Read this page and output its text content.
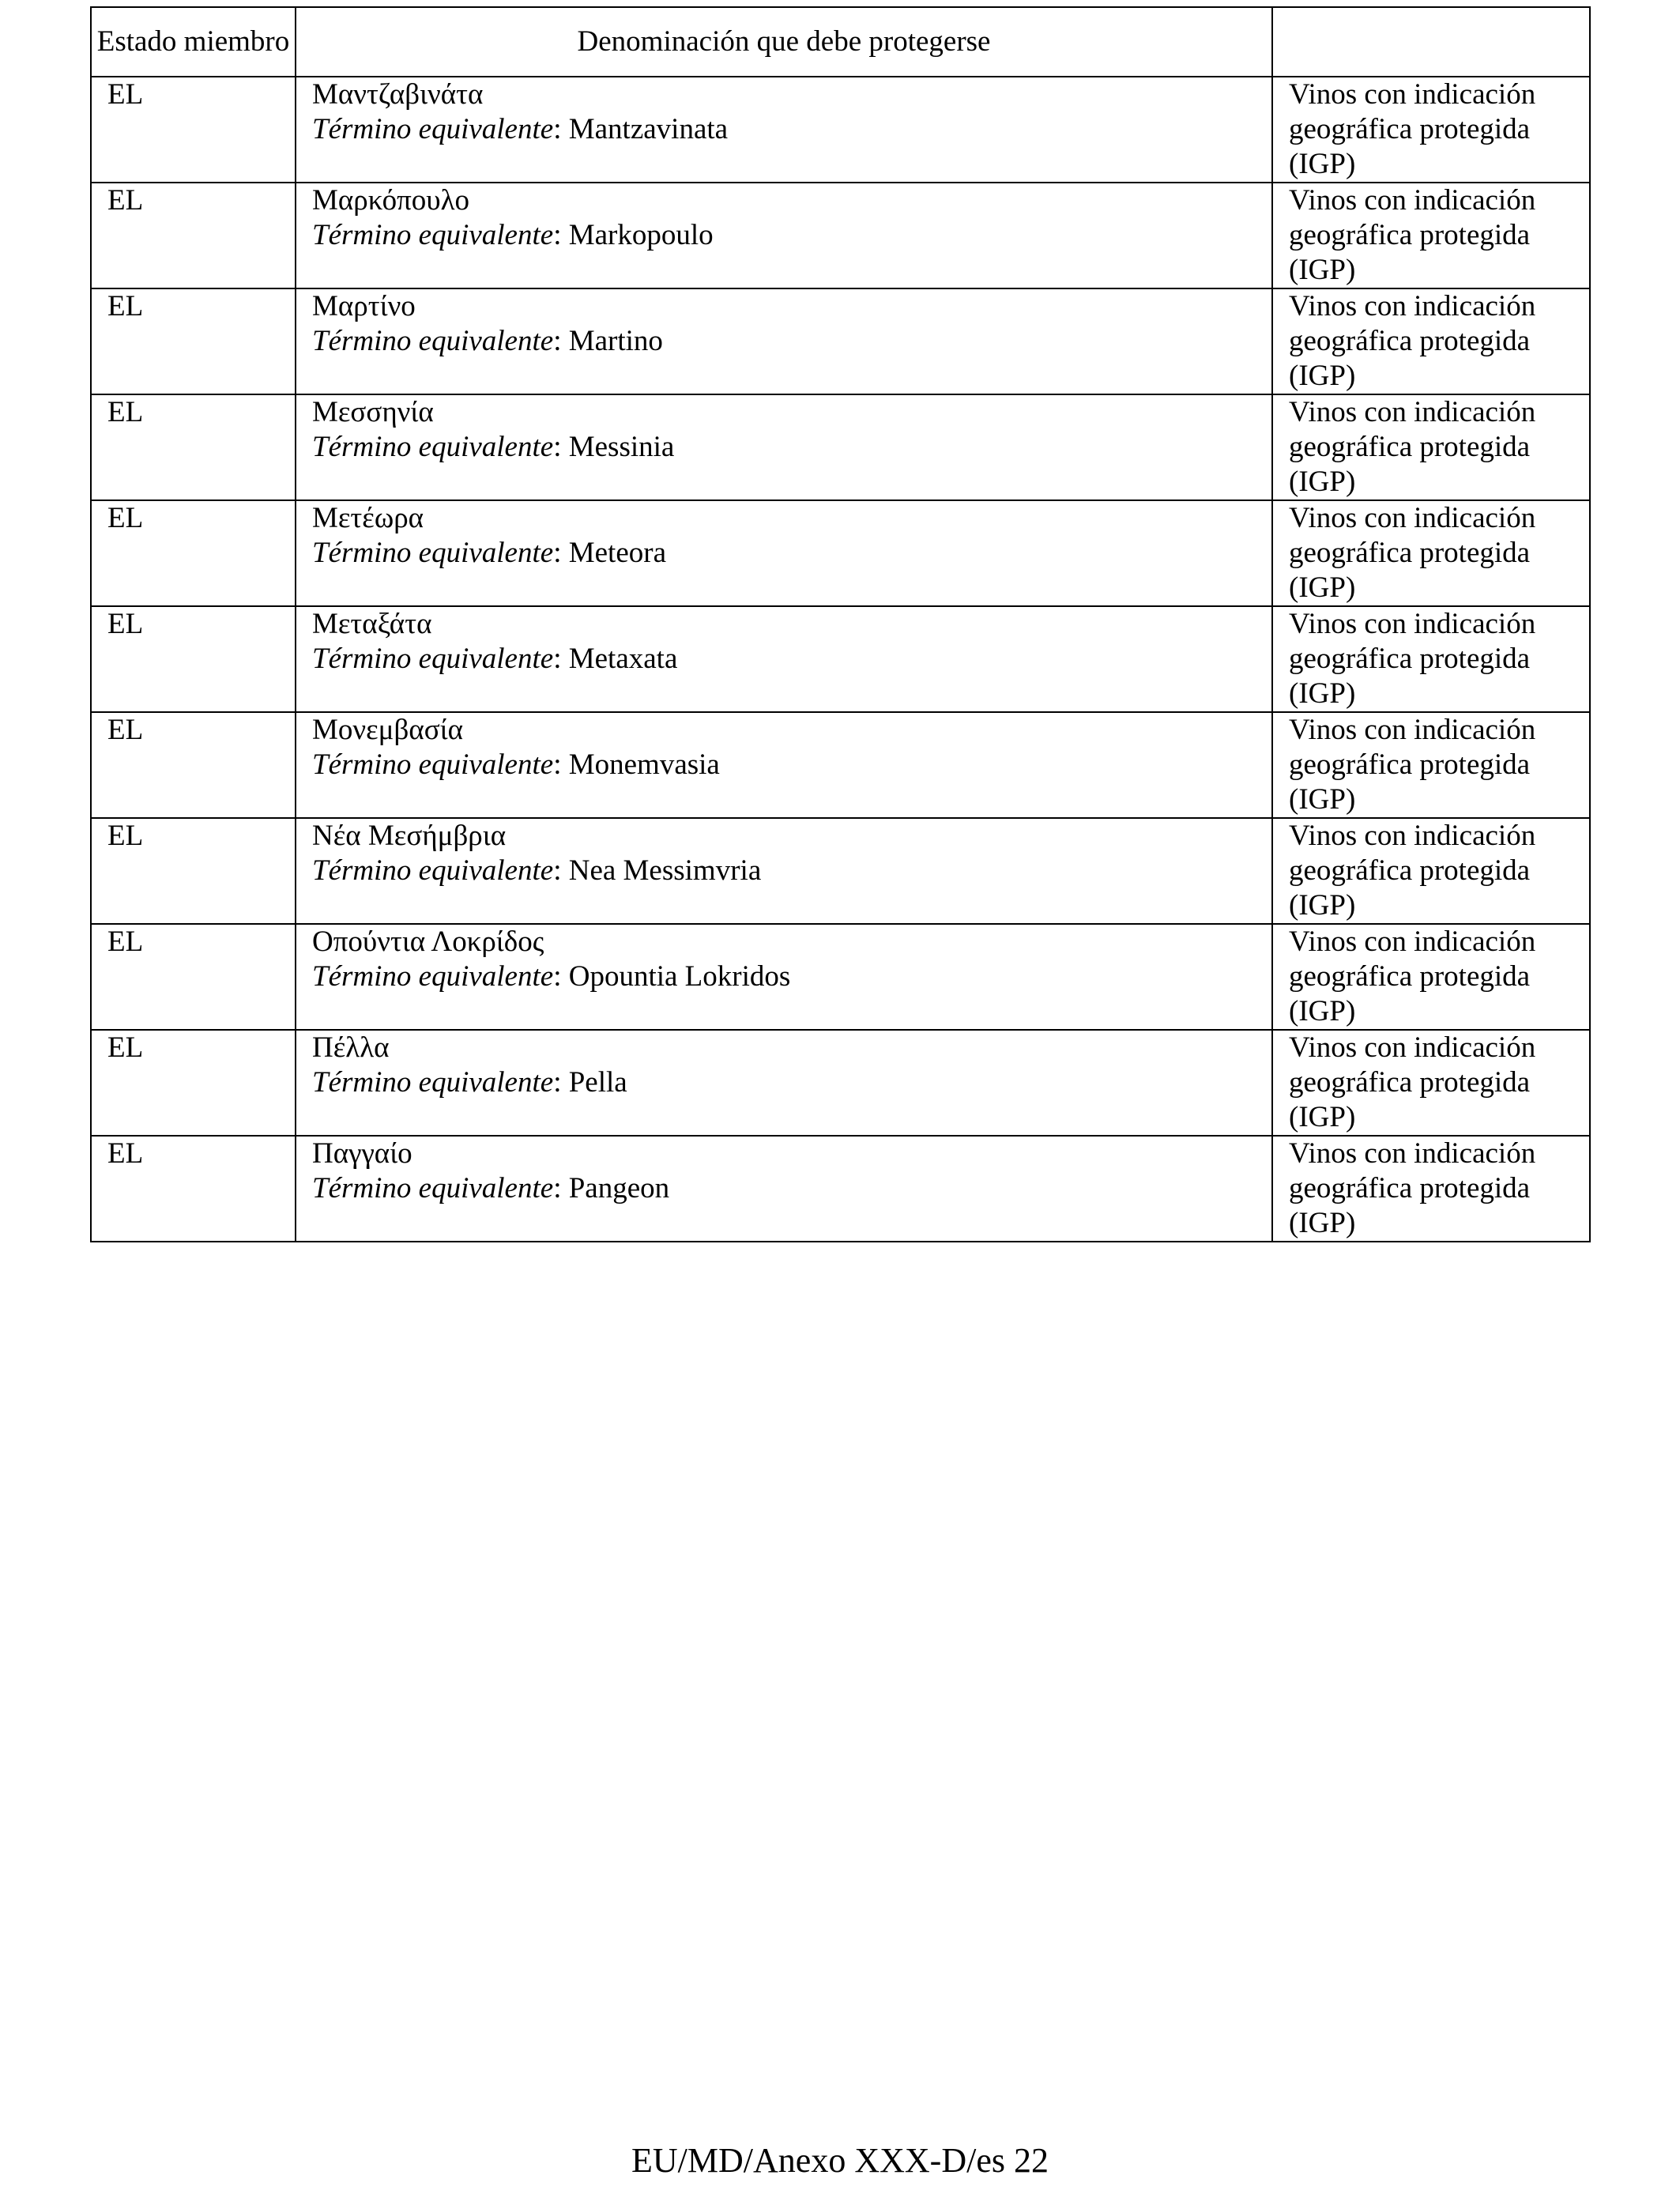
Estado miembro	Denominación que debe protegerse	
EL	Μαντζαβινάτα
Término equivalente: Mantzavinata	Vinos con indicación
geográfica protegida
(IGP)

EL	Μαρκόπουλο
Término equivalente: Markopoulo	Vinos con indicación
geográfica protegida
(IGP)

EL	Μαρτίνο
Término equivalente: Martino	Vinos con indicación
geográfica protegida
(IGP)

EL	Μεσσηνία
Término equivalente: Messinia	Vinos con indicación
geográfica protegida
(IGP)

EL	Μετέωρα
Término equivalente: Meteora	Vinos con indicación
geográfica protegida
(IGP)

EL	Μεταξάτα
Término equivalente: Metaxata	Vinos con indicación
geográfica protegida
(IGP)

EL	Μονεμβασία
Término equivalente: Monemvasia	Vinos con indicación
geográfica protegida
(IGP)

EL	Νέα Μεσήμβρια
Término equivalente: Nea Messimvria	Vinos con indicación
geográfica protegida
(IGP)

EL	Οπούντια Λοκρίδος
Término equivalente: Opountia Lokridos	Vinos con indicación
geográfica protegida
(IGP)

EL	Πέλλα
Término equivalente: Pella	Vinos con indicación
geográfica protegida
(IGP)

EL	Παγγαίο
Término equivalente: Pangeon	Vinos con indicación
geográfica protegida
(IGP)
EU/MD/Anexo XXX-D/es 22
